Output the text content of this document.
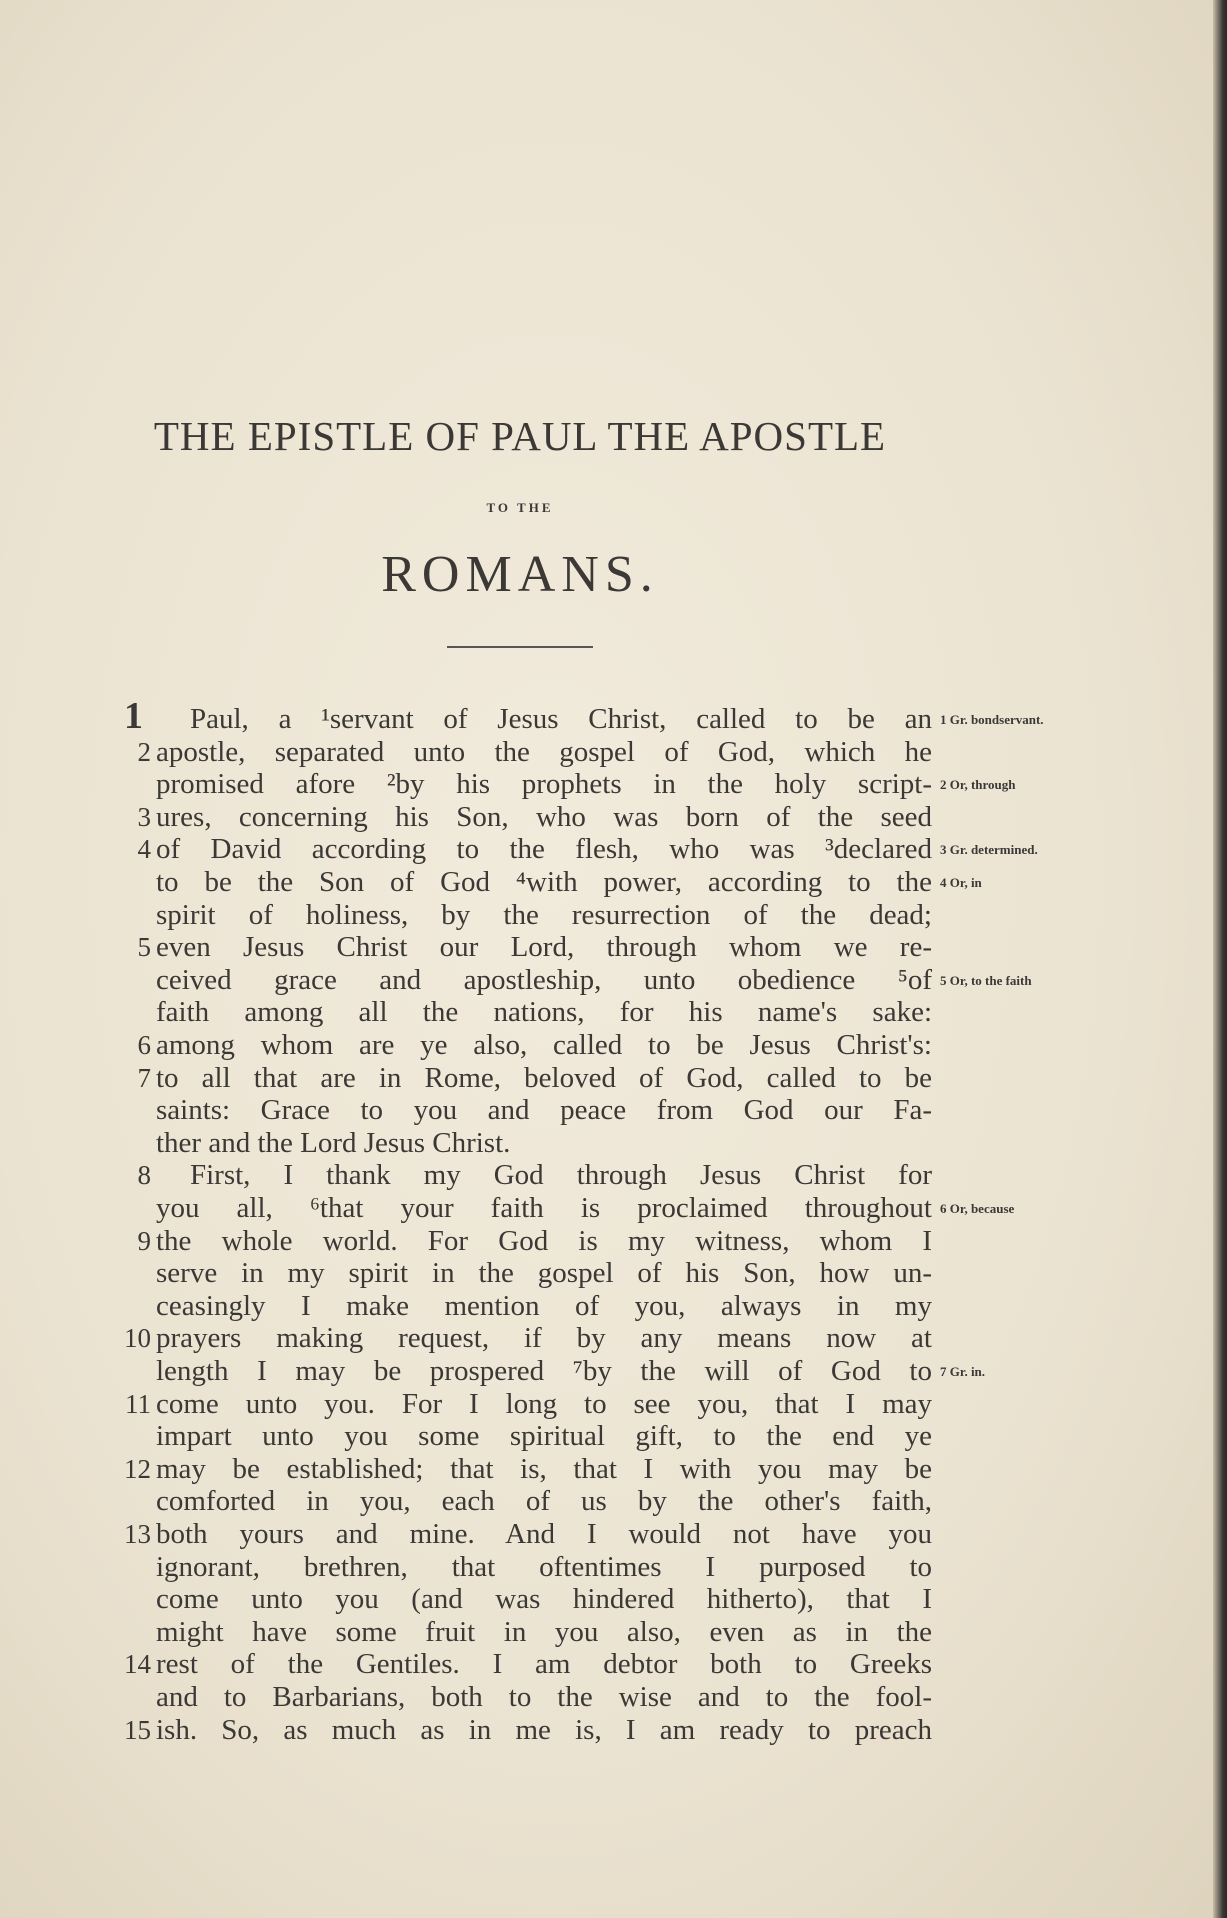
THE EPISTLE OF PAUL THE APOSTLE
TO THE
ROMANS.
1 Paul, a ¹servant of Jesus Christ, called to be an
2 apostle, separated unto the gospel of God, which he
promised afore ²by his prophets in the holy script-
3 ures, concerning his Son, who was born of the seed
4 of David according to the flesh, who was ³declared
to be the Son of God ⁴with power, according to the
spirit of holiness, by the resurrection of the dead;
5 even Jesus Christ our Lord, through whom we re-
ceived grace and apostleship, unto obedience ⁵of
faith among all the nations, for his name's sake:
6 among whom are ye also, called to be Jesus Christ's:
7 to all that are in Rome, beloved of God, called to be
saints: Grace to you and peace from God our Fa-
ther and the Lord Jesus Christ.
8 First, I thank my God through Jesus Christ for
you all, ⁶that your faith is proclaimed throughout
9 the whole world. For God is my witness, whom I
serve in my spirit in the gospel of his Son, how un-
ceasingly I make mention of you, always in my
10 prayers making request, if by any means now at
length I may be prospered ⁷by the will of God to
11 come unto you. For I long to see you, that I may
impart unto you some spiritual gift, to the end ye
12 may be established; that is, that I with you may be
comforted in you, each of us by the other's faith,
13 both yours and mine. And I would not have you
ignorant, brethren, that oftentimes I purposed to
come unto you (and was hindered hitherto), that I
might have some fruit in you also, even as in the
14 rest of the Gentiles. I am debtor both to Greeks
and to Barbarians, both to the wise and to the fool-
15 ish. So, as much as in me is, I am ready to preach
1 Gr. bondservant.
2 Or, through
3 Gr. determined.
4 Or, in
5 Or, to the faith
6 Or, because
7 Gr. in.
